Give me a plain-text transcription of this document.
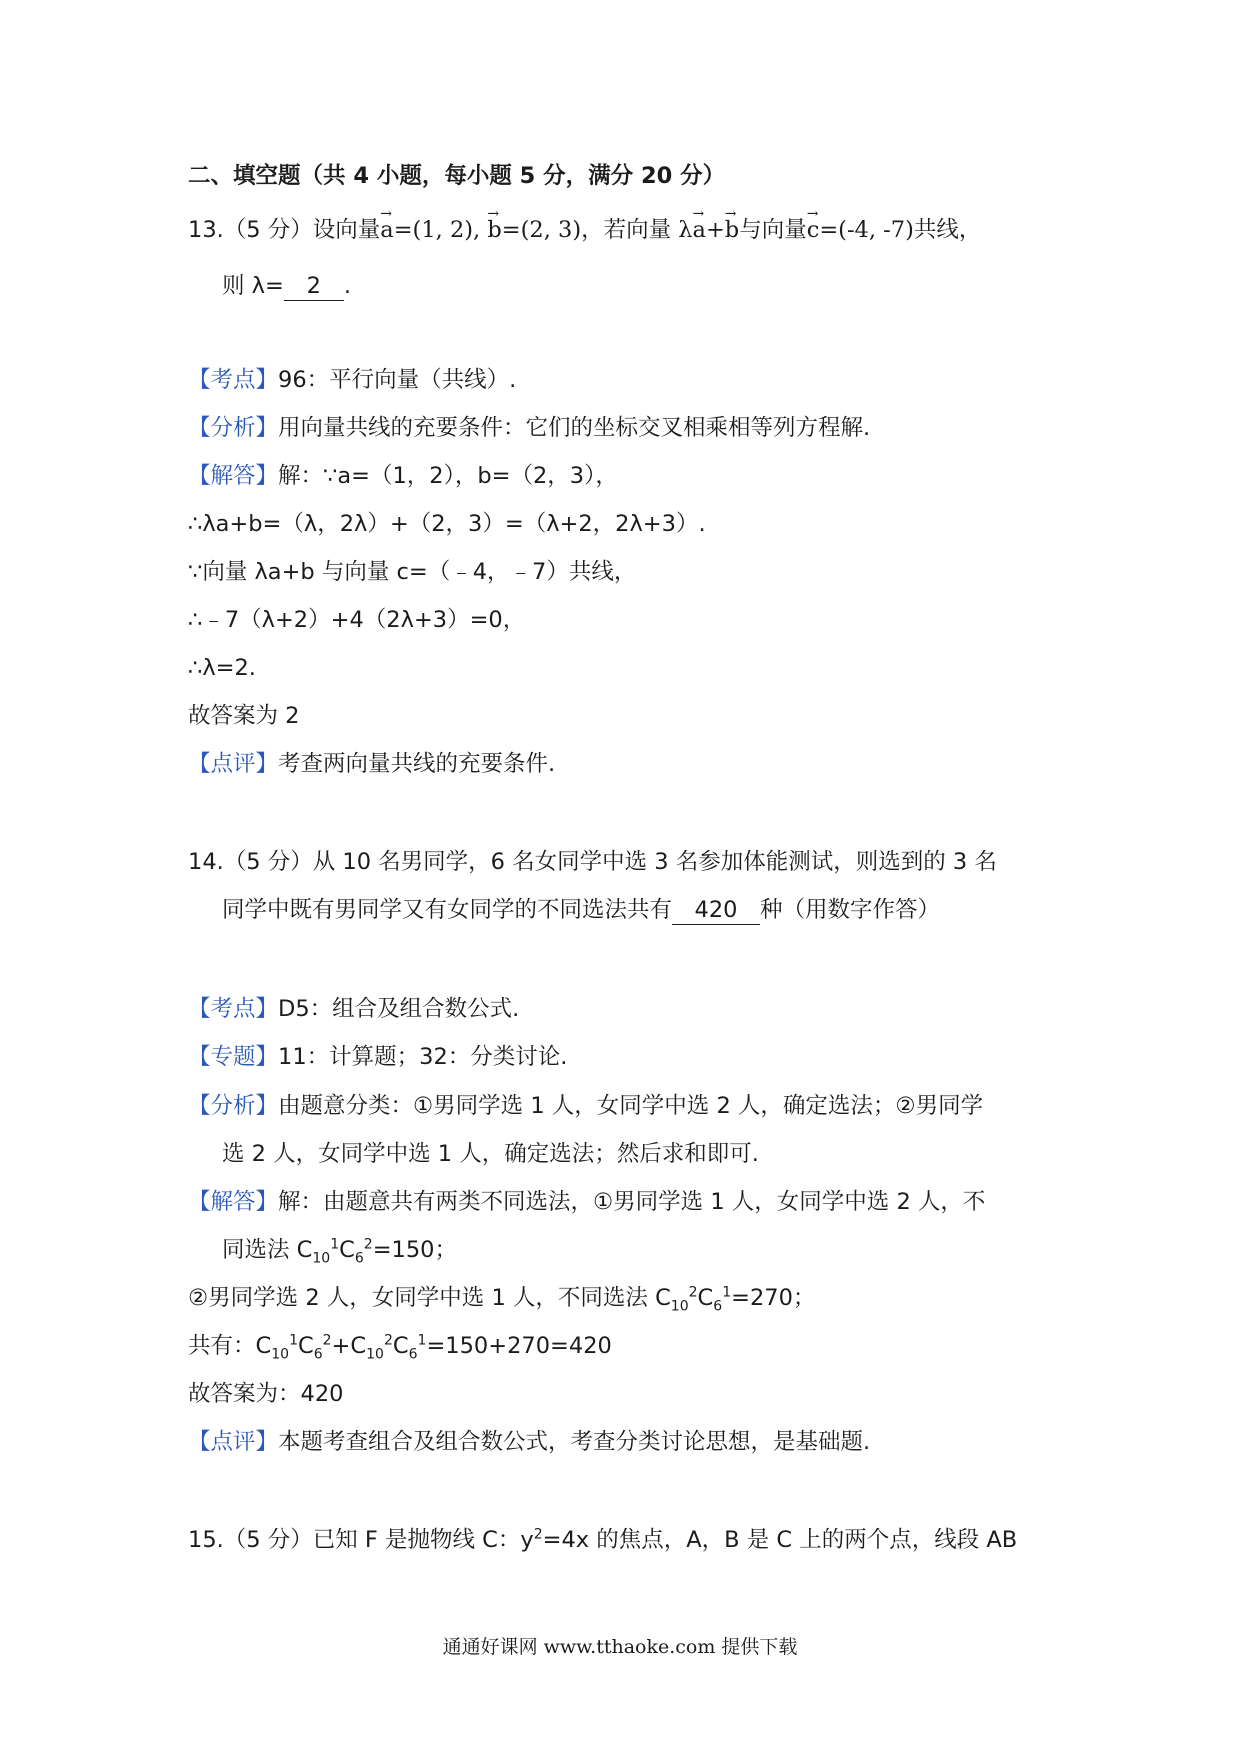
二、填空题（共 4 小题，每小题 5 分，满分 20 分）
13.（5 分）设向量→ a=(1, 2), → b=(2, 3)，若向量 λ→ a+→ b与向量→ c=(-4, -7)共线，
则 λ= 2 .
【考点】96：平行向量（共线）.
【分析】用向量共线的充要条件：它们的坐标交叉相乘相等列方程解.
【解答】解：∵a=（1，2），b=（2，3），
∴λa+b=（λ，2λ）+（2，3）=（λ+2，2λ+3）.
∵向量 λa+b 与向量 c=（﹣4，﹣7）共线，
∴﹣7（λ+2）+4（2λ+3）=0，
∴λ=2.
故答案为 2
【点评】考查两向量共线的充要条件.
14.（5 分）从 10 名男同学，6 名女同学中选 3 名参加体能测试，则选到的 3 名
同学中既有男同学又有女同学的不同选法共有 420 种（用数字作答）
【考点】D5：组合及组合数公式.
【专题】11：计算题；32：分类讨论.
【分析】由题意分类：①男同学选 1 人，女同学中选 2 人，确定选法；②男同学
选 2 人，女同学中选 1 人，确定选法；然后求和即可.
【解答】解：由题意共有两类不同选法，①男同学选 1 人，女同学中选 2 人，不
同选法 $C_{10}^1C_6^2=150$；
②男同学选 2 人，女同学中选 1 人，不同选法 $C_{10}^2C_6^1=270$；
共有：$C_{10}^1C_6^2+C_{10}^2C_6^1=150+270=420$
故答案为：420
【点评】本题考查组合及组合数公式，考查分类讨论思想，是基础题.
15.（5 分）已知 F 是抛物线 C：$y^2=4x$ 的焦点，A，B 是 C 上的两个点，线段 AB
通通好课网 www.tthaoke.com 提供下载
